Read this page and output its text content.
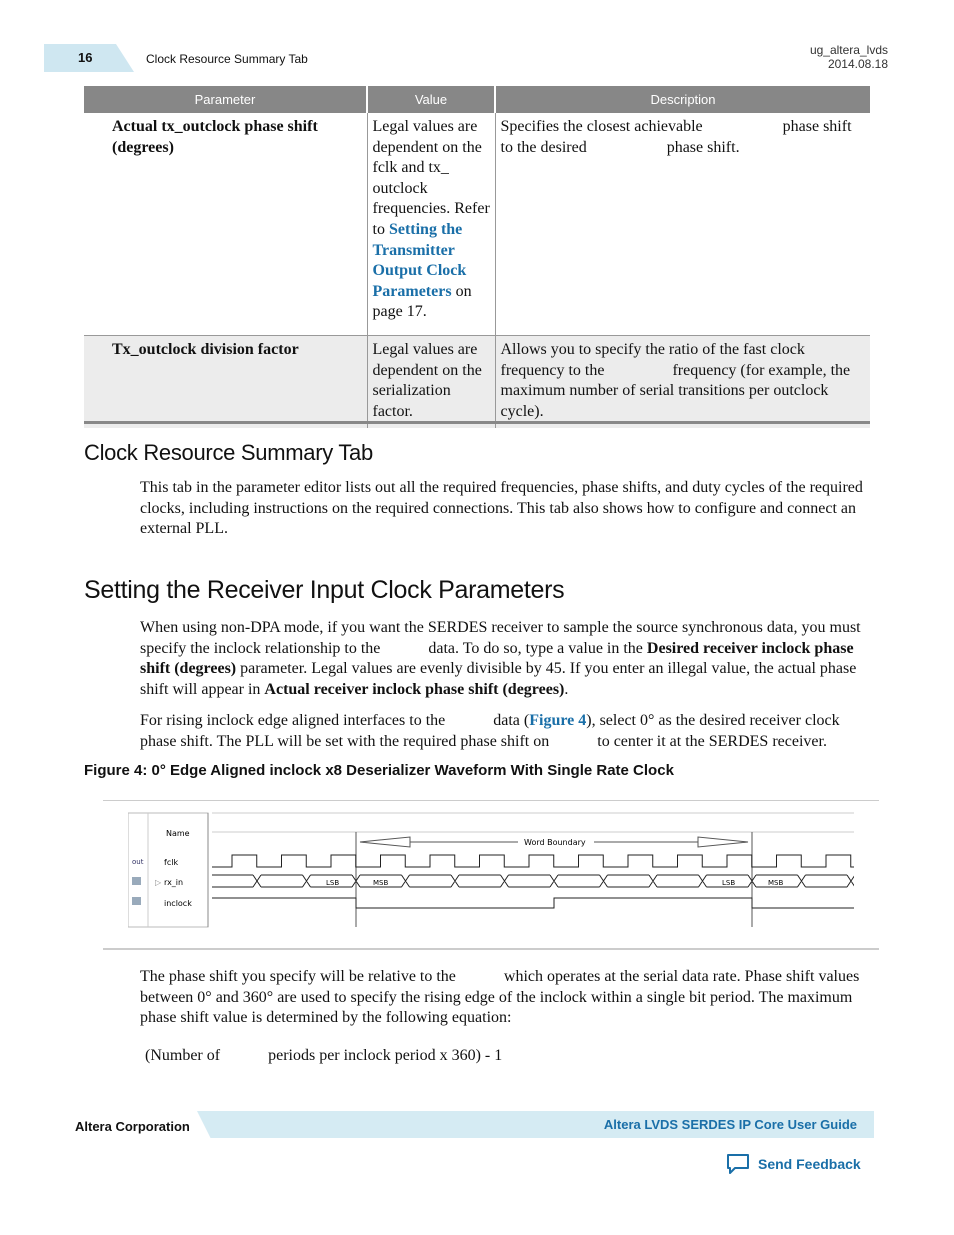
16	Clock Resource Summary Tab
ug_altera_lvds
2014.08.18
Parameter	Value	Description
Actual tx_outclock phase shift (degrees)	Legal values are dependent on the fclk and tx_ outclock frequencies. Refer to Setting the Transmitter Output Clock Parameters on page 17.	Specifies the closest achievable                    phase shift to the desired                    phase shift.
Tx_outclock division factor	Legal values are dependent on the serialization factor.	Allows you to specify the ratio of the fast clock frequency to the                 frequency (for example, the maximum number of serial transitions per outclock cycle).
Clock Resource Summary Tab

This tab in the parameter editor lists out all the required frequencies, phase shifts, and duty cycles of the required clocks, including instructions on the required connections. This tab also shows how to configure and connect an external PLL.

Setting the Receiver Input Clock Parameters

When using non-DPA mode, if you want the SERDES receiver to sample the source synchronous data, you must specify the inclock relationship to the            data. To do so, type a value in the Desired receiver inclock phase shift (degrees) parameter. Legal values are evenly divisible by 45. If you enter an illegal value, the actual phase shift will appear in Actual receiver inclock phase shift (degrees).

For rising inclock edge aligned interfaces to the            data (Figure 4), select 0° as the desired receiver clock phase shift. The PLL will be set with the required phase shift on            to center it at the SERDES receiver.

Figure 4: 0° Edge Aligned inclock x8 Deserializer Waveform With Single Rate Clock
Name
out
▷
fclk
rx_in
inclock
Word Boundary
LSB	MSB	LSB	MSB

The phase shift you specify will be relative to the            which operates at the serial data rate. Phase shift values between 0° and 360° are used to specify the rising edge of the inclock within a single bit period. The maximum phase shift value is determined by the following equation:

(Number of            periods per inclock period x 360) - 1

Altera Corporation	Altera LVDS SERDES IP Core User Guide
Send Feedback
